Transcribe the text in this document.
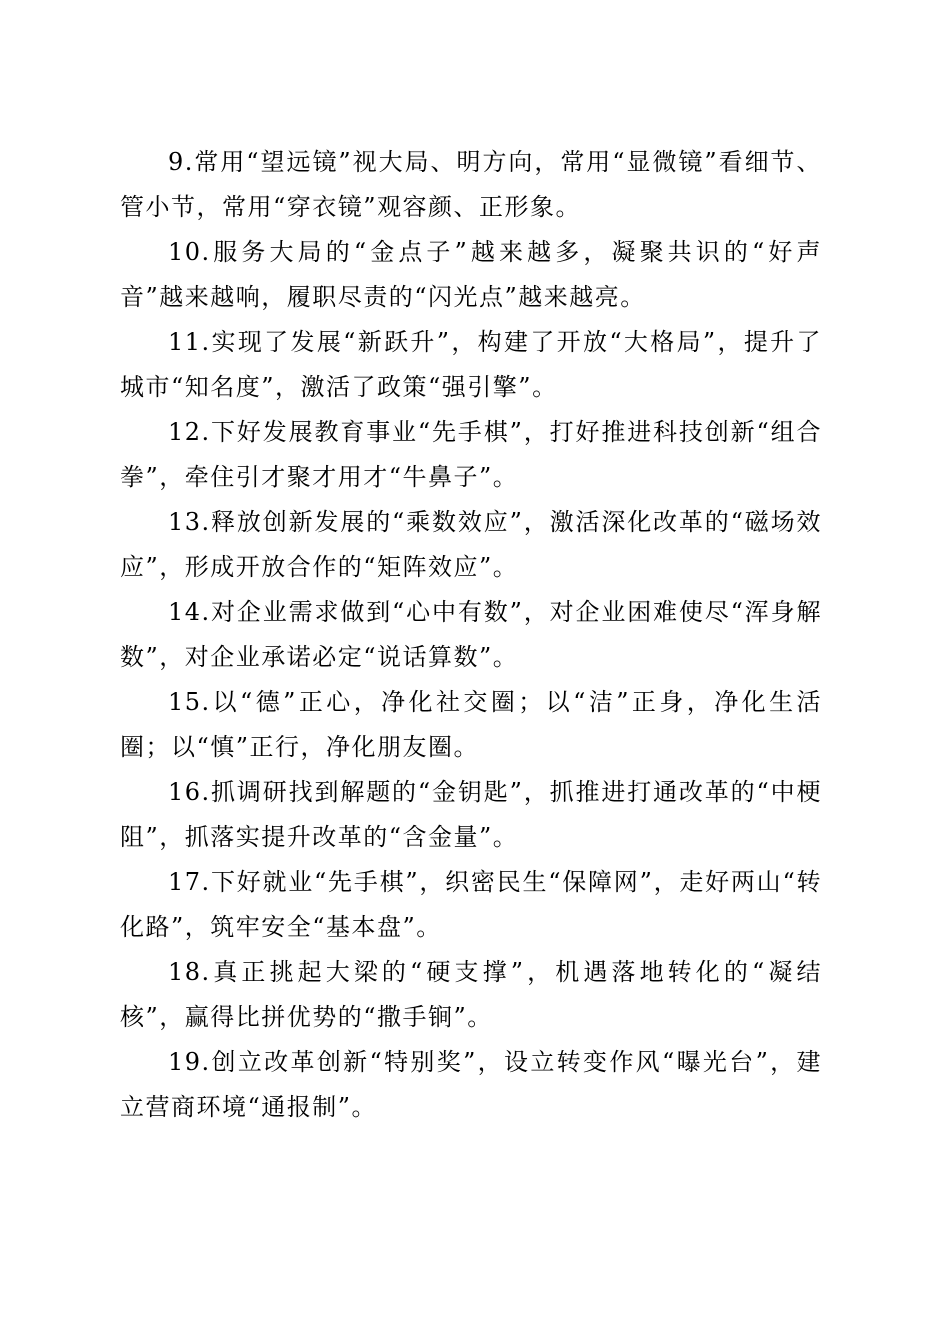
9.常用“望远镜”视大局、明方向，常用“显微镜”看细节、管小节，常用“穿衣镜”观容颜、正形象。

10.服务大局的“金点子”越来越多，凝聚共识的“好声音”越来越响，履职尽责的“闪光点”越来越亮。

11.实现了发展“新跃升”，构建了开放“大格局”，提升了城市“知名度”，激活了政策“强引擎”。

12.下好发展教育事业“先手棋”，打好推进科技创新“组合拳”，牵住引才聚才用才“牛鼻子”。

13.释放创新发展的“乘数效应”，激活深化改革的“磁场效应”，形成开放合作的“矩阵效应”。

14.对企业需求做到“心中有数”，对企业困难使尽“浑身解数”，对企业承诺必定“说话算数”。

15.以“德”正心，净化社交圈；以“洁”正身，净化生活圈；以“慎”正行，净化朋友圈。

16.抓调研找到解题的“金钥匙”，抓推进打通改革的“中梗阻”，抓落实提升改革的“含金量”。

17.下好就业“先手棋”，织密民生“保障网”，走好两山“转化路”，筑牢安全“基本盘”。

18.真正挑起大梁的“硬支撑”，机遇落地转化的“凝结核”，赢得比拼优势的“撒手锏”。

19.创立改革创新“特别奖”，设立转变作风“曝光台”，建立营商环境“通报制”。
